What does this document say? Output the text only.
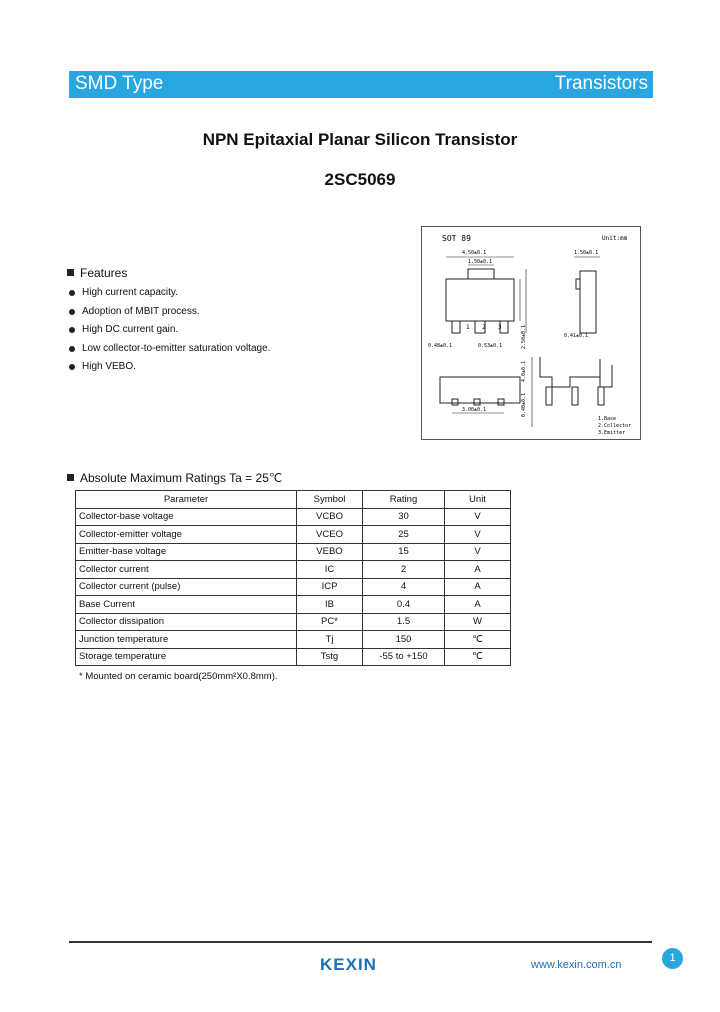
SMD Type	Transistors
NPN Epitaxial Planar Silicon Transistor
2SC5069
SOT 89	Unit:mm
4.50±0.1
1.50±0.1
1 2 3
0.48±0.1	0.53±0.1
1.50±0.1
0.41±0.1
3.00±0.1	0.40±0.1
4.0±0.1
2.50±0.1
1.Base
2.Collector
3.Emitter
Features
High current capacity.
Adoption of MBIT process.
High DC current gain.
Low collector-to-emitter saturation voltage.
High VEBO.
Absolute Maximum Ratings Ta = 25℃
Parameter	Symbol	Rating	Unit
Collector-base voltage	VCBO	30	V
Collector-emitter voltage	VCEO	25	V
Emitter-base voltage	VEBO	15	V
Collector current	IC	2	A
Collector current (pulse)	ICP	4	A
Base Current	IB	0.4	A
Collector dissipation	PC*	1.5	W
Junction temperature	Tj	150	℃
Storage temperature	Tstg	-55 to +150	℃
* Mounted on ceramic board(250mm²X0.8mm).
KEXIN	www.kexin.com.cn
1
